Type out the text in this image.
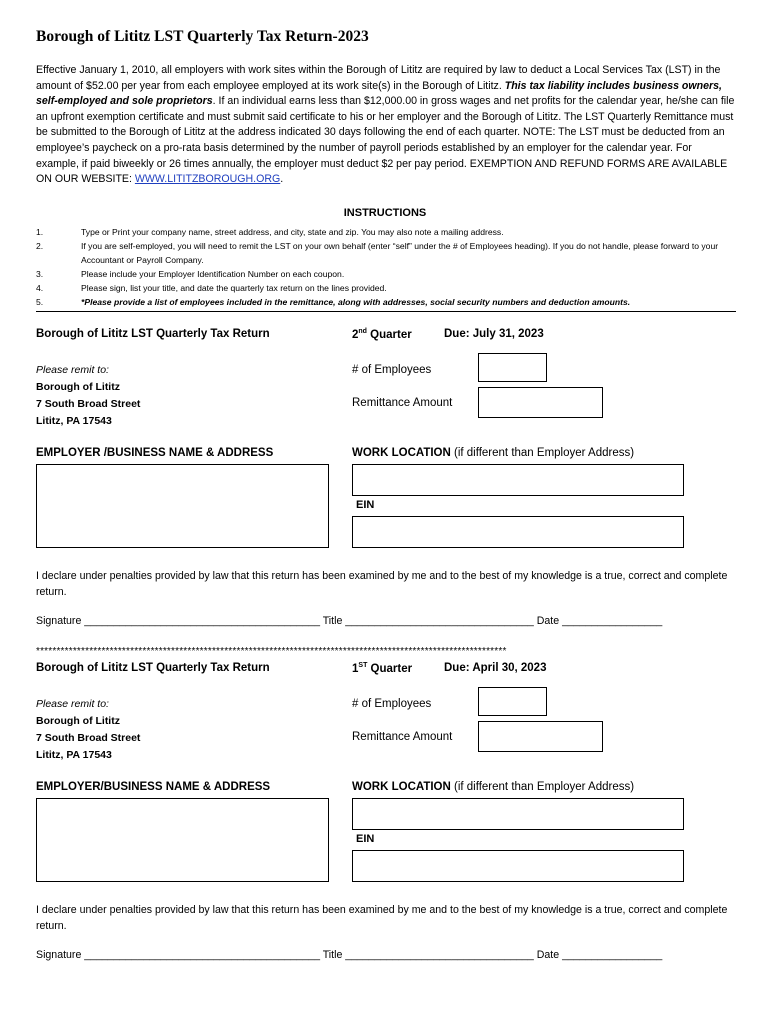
Borough of Lititz LST Quarterly Tax Return-2023
Effective January 1, 2010, all employers with work sites within the Borough of Lititz are required by law to deduct a Local Services Tax (LST) in the amount of $52.00 per year from each employee employed at its work site(s) in the Borough of Lititz. This tax liability includes business owners, self-employed and sole proprietors. If an individual earns less than $12,000.00 in gross wages and net profits for the calendar year, he/she can file an upfront exemption certificate and must submit said certificate to his or her employer and the Borough of Lititz. The LST Quarterly Remittance must be submitted to the Borough of Lititz at the address indicated 30 days following the end of each quarter. NOTE: The LST must be deducted from an employee’s paycheck on a pro-rata basis determined by the number of payroll periods established by an employer for the calendar year. For example, if paid biweekly or 26 times annually, the employer must deduct $2 per pay period. EXEMPTION AND REFUND FORMS ARE AVAILABLE ON OUR WEBSITE: WWW.LITITZBOROUGH.ORG.
INSTRUCTIONS
1.	Type or Print your company name, street address, and city, state and zip. You may also note a mailing address.
2.	If you are self-employed, you will need to remit the LST on your own behalf (enter “self” under the # of Employees heading). If you do not handle, please forward to your Accountant or Payroll Company.
3.	Please include your Employer Identification Number on each coupon.
4.	Please sign, list your title, and date the quarterly tax return on the lines provided.
5.	*Please provide a list of employees included in the remittance, along with addresses, social security numbers and deduction amounts.
Borough of Lititz LST Quarterly Tax Return	2nd Quarter	Due: July 31, 2023
Please remit to:
Borough of Lititz
7 South Broad Street
Lititz, PA 17543
# of Employees
Remittance Amount
EMPLOYER /BUSINESS NAME & ADDRESS	WORK LOCATION (if different than Employer Address)
EIN
I declare under penalties provided by law that this return has been examined by me and to the best of my knowledge is a true, correct and complete return.
Signature ________________________________________ Title ________________________________ Date _________________
*******************************************************************************************************************
Borough of Lititz LST Quarterly Tax Return	1ST Quarter	Due: April 30, 2023
Please remit to:
Borough of Lititz
7 South Broad Street
Lititz, PA 17543
# of Employees
Remittance Amount
EMPLOYER/BUSINESS NAME & ADDRESS	WORK LOCATION (if different than Employer Address)
EIN
I declare under penalties provided by law that this return has been examined by me and to the best of my knowledge is a true, correct and complete return.
Signature ________________________________________ Title ________________________________ Date _________________
